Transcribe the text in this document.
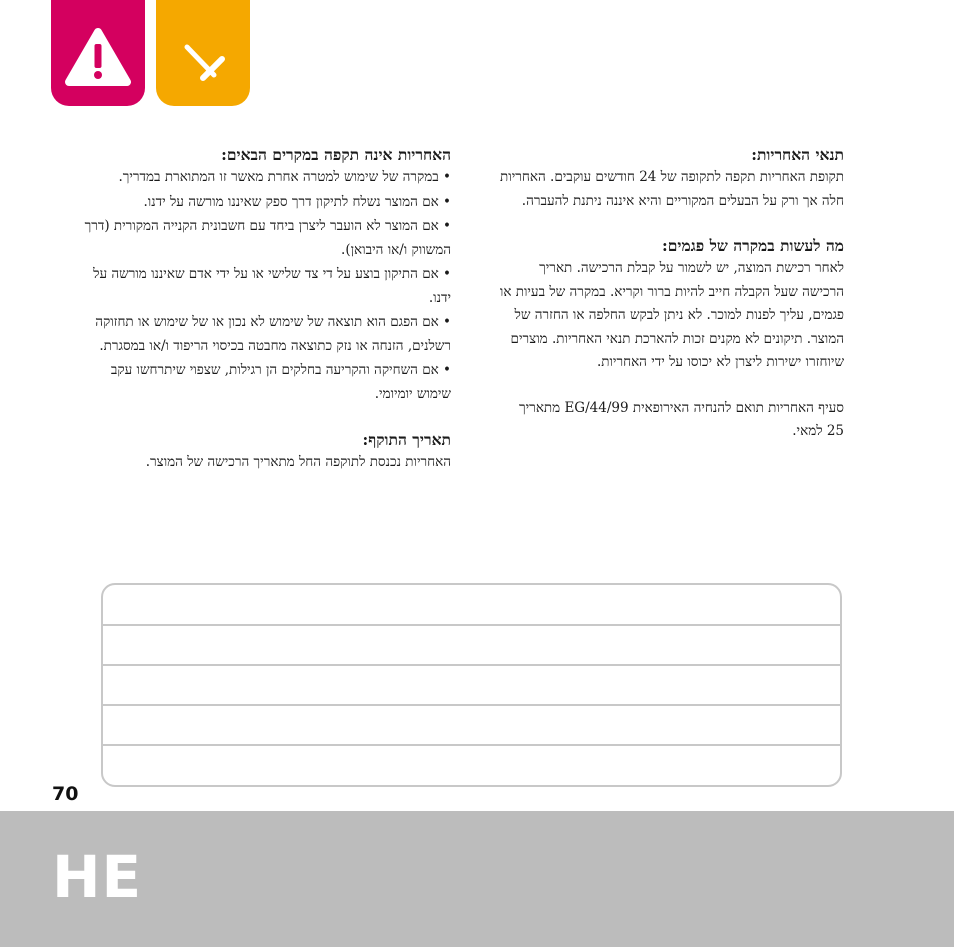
האחריות אינה תקפה במקרים הבאים:

• במקרה של שימוש למטרה אחרת מאשר זו המתוארת במדריך.
• אם המוצר נשלח לתיקון דרך ספק שאיננו מורשה על ידנו.
• אם המוצר לא הועבר ליצרן ביחד עם חשבונית הקנייה המקורית (דרך המשווק ו/או היבואן).
• אם התיקון בוצע על די צד שלישי או על ידי אדם שאיננו מורשה על ידנו.
• אם הפגם הוא תוצאה של שימוש לא נכון או של שימוש או תחזוקה רשלנים, הזנחה או נזק כתוצאה מחבטה בכיסוי הריפוד ו/או במסגרת.
• אם השחיקה והקריעה בחלקים הן רגילות, שצפוי שיתרחשו עקב שימוש יומיומי.

תאריך התוקף:

האחריות נכנסת לתוקפה החל מתאריך הרכישה של המוצר.

תנאי האחריות:

תקופת האחריות תקפה לתקופה של 24 חודשים עוקבים. האחריות חלה אך ורק על הבעלים המקוריים והיא איננה ניתנת להעברה.

מה לעשות במקרה של פגמים:

לאחר רכישת המוצה, יש לשמור על קבלת הרכישה. תאריך הרכישה שעל הקבלה חייב להיות ברור וקריא. במקרה של בעיות או פגמים, עליך לפנות למוכר. לא ניתן לבקש החלפה או החזרה של המוצר. תיקונים לא מקנים זכות להארכת תנאי האחריות. מוצרים שיוחזרו ישירות ליצרן לא יכוסו על ידי האחריות.

סעיף האחריות תואם להנחיה האירופאית EG/44/99 מתאריך 25 למאי.

70
HE
